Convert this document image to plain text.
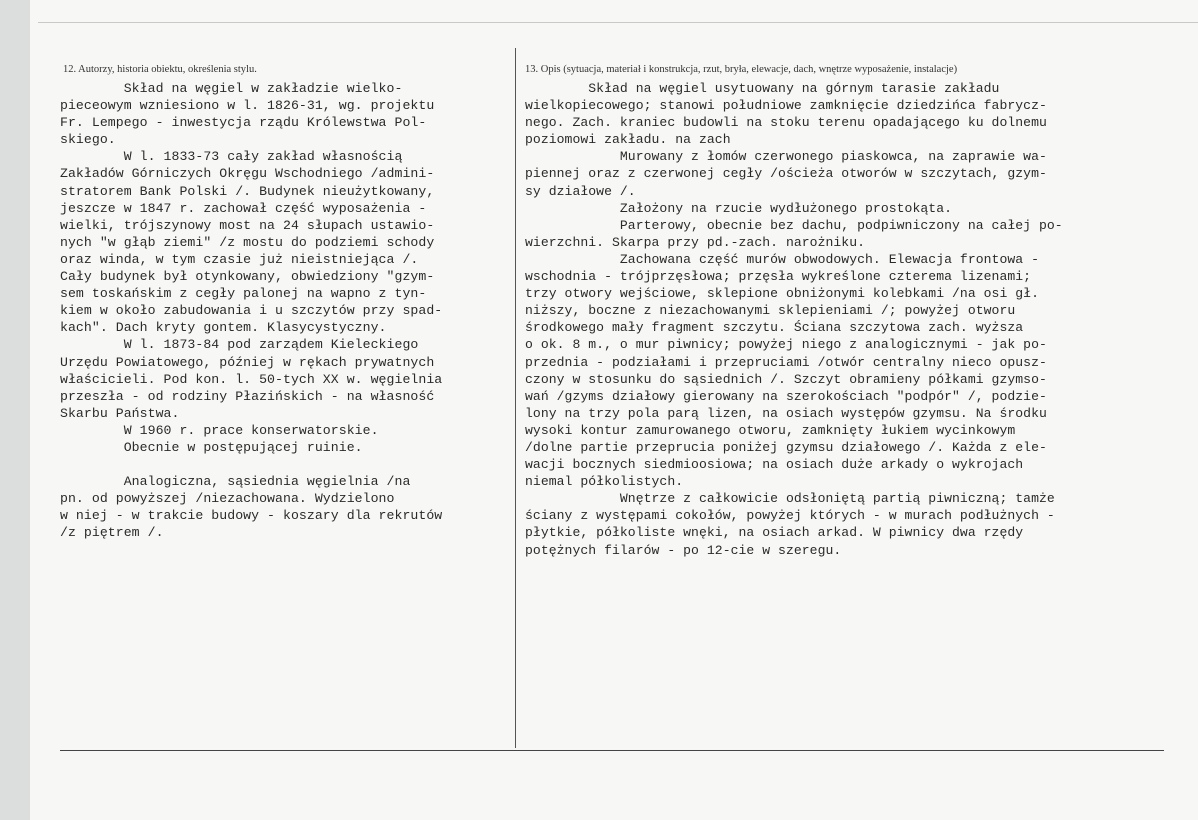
12. Autorzy, historia obiektu, określenia stylu.	13. Opis (sytuacja, materiał i konstrukcja, rzut, bryła, elewacje, dach, wnętrze wyposażenie, instalacje)
Skład na węgiel w zakładzie wielko-
pieceowym wzniesiono w l. 1826-31, wg. projektu
Fr. Lempego - inwestycja rządu Królewstwa Pol-
skiego.
W l. 1833-73 cały zakład własnością
Zakładów Górniczych Okręgu Wschodniego /admini-
stratorem Bank Polski /. Budynek nieużytkowany,
jeszcze w 1847 r. zachował część wyposażenia -
wielki, trójszynowy most na 24 słupach ustawio-
nych "w głąb ziemi" /z mostu do podziemi schody
oraz winda, w tym czasie już nieistniejąca /.
Cały budynek był otynkowany, obwiedziony "gzym-
sem toskańskim z cegły palonej na wapno z tyn-
kiem w około zabudowania i u szczytów przy spad-
kach". Dach kryty gontem. Klasycystyczny.
W l. 1873-84 pod zarządem Kieleckiego
Urzędu Powiatowego, później w rękach prywatnych
właścicieli. Pod kon. l. 50-tych XX w. węgielnia
przeszła - od rodziny Płazińskich - na własność
Skarbu Państwa.
W 1960 r. prace konserwatorskie.
Obecnie w postępującej ruinie.
Analogiczna, sąsiednia węgielnia /na
pn. od powyższej /niezachowana. Wydzielono
w niej - w trakcie budowy - koszary dla rekrutów
/z piętrem /.
Skład na węgiel usytuowany na górnym tarasie zakładu
wielkopiecowego; stanowi południowe zamknięcie dziedzińca fabrycz-
nego. Zach. kraniec budowli na stoku terenu opadającego ku dolnemu
poziomowi zakładu. na zach
Murowany z łomów czerwonego piaskowca, na zaprawie wa-
piennej oraz z czerwonej cegły /ościeża otworów w szczytach, gzym-
sy działowe /.
Założony na rzucie wydłużonego prostokąta.
Parterowy, obecnie bez dachu, podpiwniczony na całej po-
wierzchni. Skarpa przy pd.-zach. narożniku.
Zachowana część murów obwodowych. Elewacja frontowa -
wschodnia - trójprzęsłowa; przęsła wykreślone czterema lizenami;
trzy otwory wejściowe, sklepione obniżonymi kolebkami /na osi gł.
niższy, boczne z niezachowanymi sklepieniami /; powyżej otworu
środkowego mały fragment szczytu. Ściana szczytowa zach. wyższa
o ok. 8 m., o mur piwnicy; powyżej niego z analogicznymi - jak po-
przednia - podziałami i przepruciami /otwór centralny nieco opusz-
czony w stosunku do sąsiednich /. Szczyt obramieny półkami gzymso-
wań /gzyms działowy gierowany na szerokościach "podpór" /, podzie-
lony na trzy pola parą lizen, na osiach występów gzymsu. Na środku
wysoki kontur zamurowanego otworu, zamknięty łukiem wycinkowym
/dolne partie przeprucia poniżej gzymsu działowego /. Każda z ele-
wacji bocznych siedmioosiowa; na osiach duże arkady o wykrojach
niemal półkolistych.
Wnętrze z całkowicie odsłoniętą partią piwniczną; tamże
ściany z występami cokołów, powyżej których - w murach podłużnych -
płytkie, półkoliste wnęki, na osiach arkad. W piwnicy dwa rzędy
potężnych filarów - po 12-cie w szeregu.
